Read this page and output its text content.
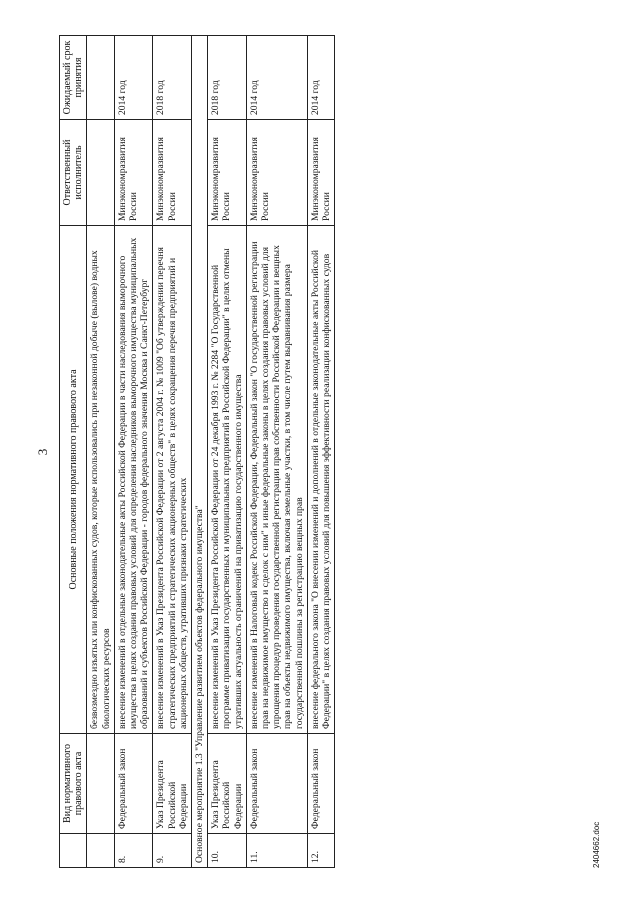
3
	Вид нормативного правового акта	Основные положения нормативного правового акта	Ответственный исполнитель	Ожидаемый срок принятия
		безвозмездно изъятых или конфискованных судов, которые использовались при незаконной добыче (вылове) водных биологических ресурсов		
8.	Федеральный закон	внесение изменений в отдельные законодательные акты Российской Федерации в части наследования выморочного имущества в целях создания правовых условий для определения наследников выморочного имущества муниципальных образований и субъектов Российской Федерации - городов федерального значения Москва и Санкт-Петербург	Минэкономразвития России	2014 год
9.	Указ Президента Российской Федерации	внесение изменений в Указ Президента Российской Федерации от 2 августа 2004 г. № 1009 "Об утверждении перечня стратегических предприятий и стратегических акционерных обществ" в целях сокращения перечня предприятий и акционерных обществ, утративших признаки стратегических	Минэкономразвития России	2018 год
Основное мероприятие 1.3 "Управление развитием объектов федерального имущества"				
10.	Указ Президента Российской Федерации	внесение изменений в Указ Президента Российской Федерации от 24 декабря 1993 г. № 2284 "О Государственной программе приватизации государственных и муниципальных предприятий в Российской Федерации" в целях отмены утративших актуальность ограничений на приватизацию государственного имущества	Минэкономразвития России	2018 год
11.	Федеральный закон	внесение изменений в Налоговый кодекс Российской Федерации, Федеральный закон "О государственной регистрации прав на недвижимое имущество и сделок с ним" и иные федеральные законы в целях создания правовых условий для упрощения процедур проведения государственной регистрации прав собственности Российской Федерации и вещных прав на объекты недвижимого имущества, включая земельные участки, в том числе путем выравнивания размера государственной пошлины за регистрацию вещных прав	Минэкономразвития России	2014 год
12.	Федеральный закон	внесение федерального закона "О внесении изменений и дополнений в отдельные законодательные акты Российской Федерации" в целях создания правовых условий для повышения эффективности реализации конфискованных судов	Минэкономразвития России	2014 год
2404662.doc
